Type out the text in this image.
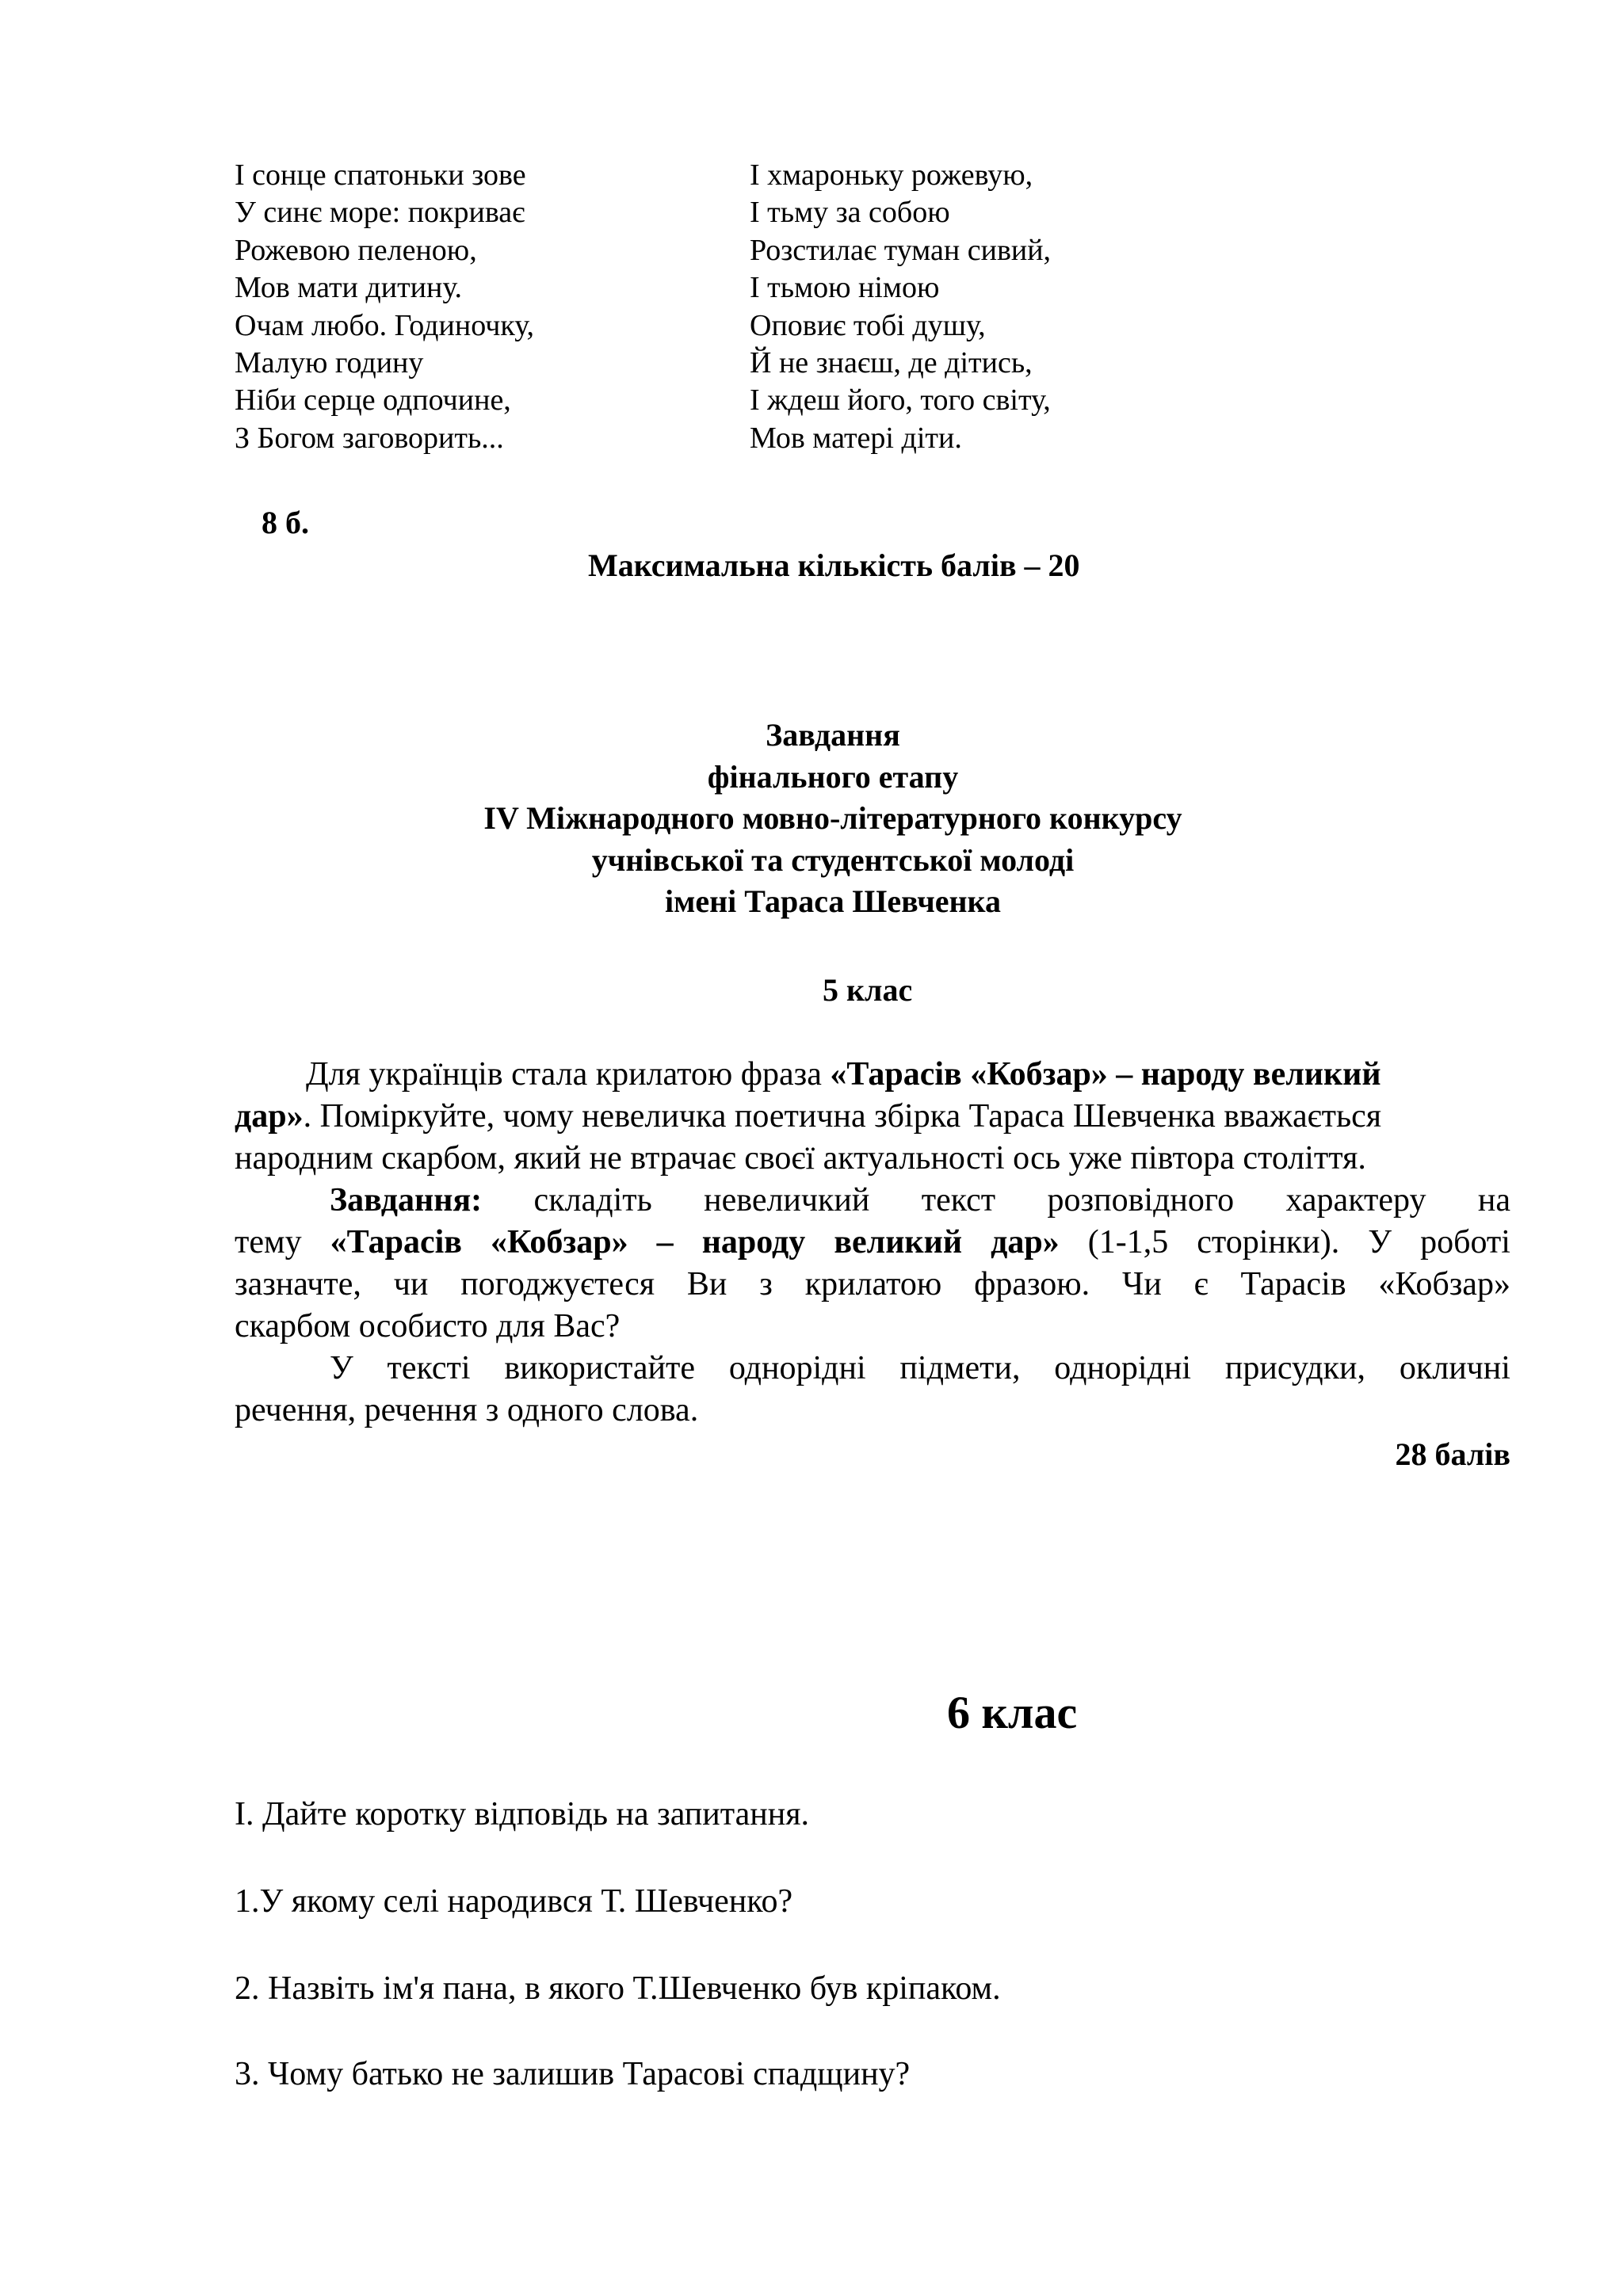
І сонце спатоньки зове
У синє море: покриває
Рожевою пеленою,
Мов мати дитину.
Очам любо. Годиночку,
Малую годину
Ніби серце одпочине,
З Богом заговорить...
І хмароньку рожевую,
І тьму за собою
Розстилає туман сивий,
І тьмою німою
Оповиє тобі душу,
Й не знаєш, де дітись,
І ждеш його, того світу,
Мов матері діти.
8 б.
Максимальна кількість балів – 20
Завдання
фінального етапу
IV Міжнародного мовно-літературного конкурсу
учнівської та студентської молоді
імені Тараса Шевченка
5 клас
Для українців стала крилатою фраза «Тарасів «Кобзар» – народу великий
дар». Поміркуйте, чому невеличка поетична збірка Тараса Шевченка вважається
народним скарбом, який не втрачає своєї актуальності ось уже півтора століття.
Завдання: складіть невеличкий текст розповідного характеру на
тему «Тарасів «Кобзар» – народу великий дар» (1-1,5 сторінки). У роботі
зазначте, чи погоджуєтеся Ви з крилатою фразою. Чи є Тарасів «Кобзар»
скарбом особисто для Вас?
У тексті використайте однорідні підмети, однорідні присудки, окличні
речення, речення з одного слова.
28 балів
6 клас
І. Дайте коротку відповідь на запитання.
1.У якому селі народився Т. Шевченко?
2. Назвіть ім'я пана, в якого Т.Шевченко був кріпаком.
3. Чому батько не залишив Тарасові спадщину?
